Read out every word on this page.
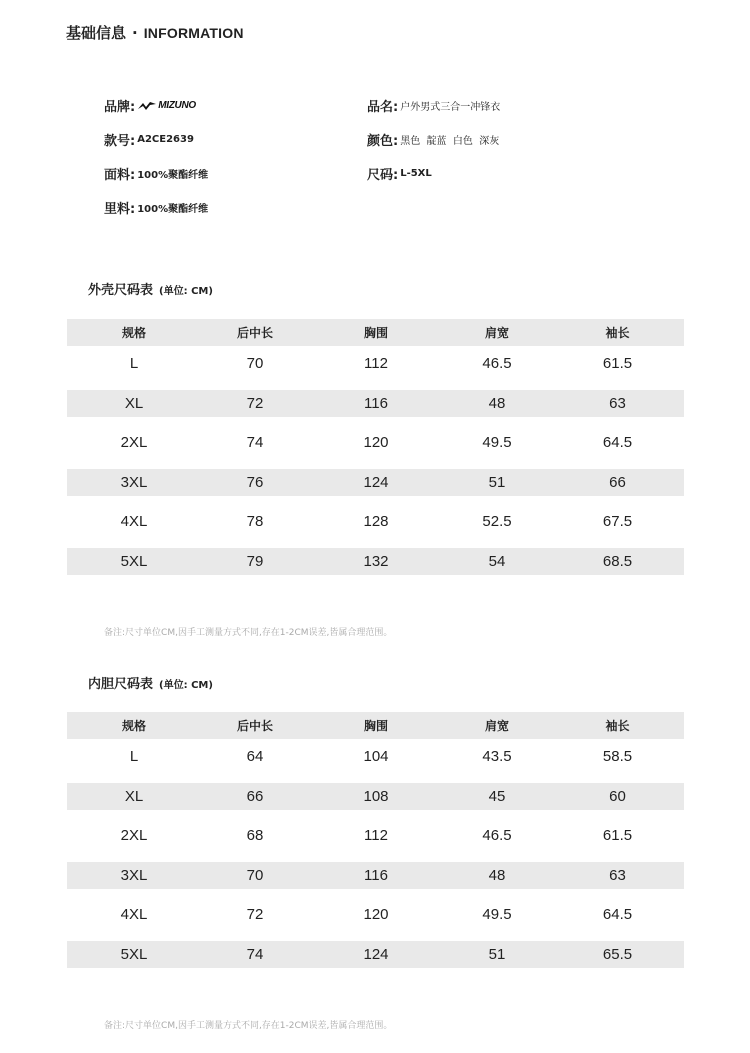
基础信息 · INFORMATION
品牌: MIZUNO	品名: 户外男式三合一冲锋衣
款号: A2CE2639	颜色: 黑色  靛蓝  白色  深灰
面料: 100%聚酯纤维	尺码: L-5XL
里料: 100%聚酯纤维
外壳尺码表 (单位: CM)
规格	后中长	胸围	肩宽	袖长
L	70	112	46.5	61.5
XL	72	116	48	63
2XL	74	120	49.5	64.5
3XL	76	124	51	66
4XL	78	128	52.5	67.5
5XL	79	132	54	68.5
备注:尺寸单位CM,因手工测量方式不同,存在1-2CM误差,皆属合理范围。
内胆尺码表 (单位: CM)
规格	后中长	胸围	肩宽	袖长
L	64	104	43.5	58.5
XL	66	108	45	60
2XL	68	112	46.5	61.5
3XL	70	116	48	63
4XL	72	120	49.5	64.5
5XL	74	124	51	65.5
备注:尺寸单位CM,因手工测量方式不同,存在1-2CM误差,皆属合理范围。
